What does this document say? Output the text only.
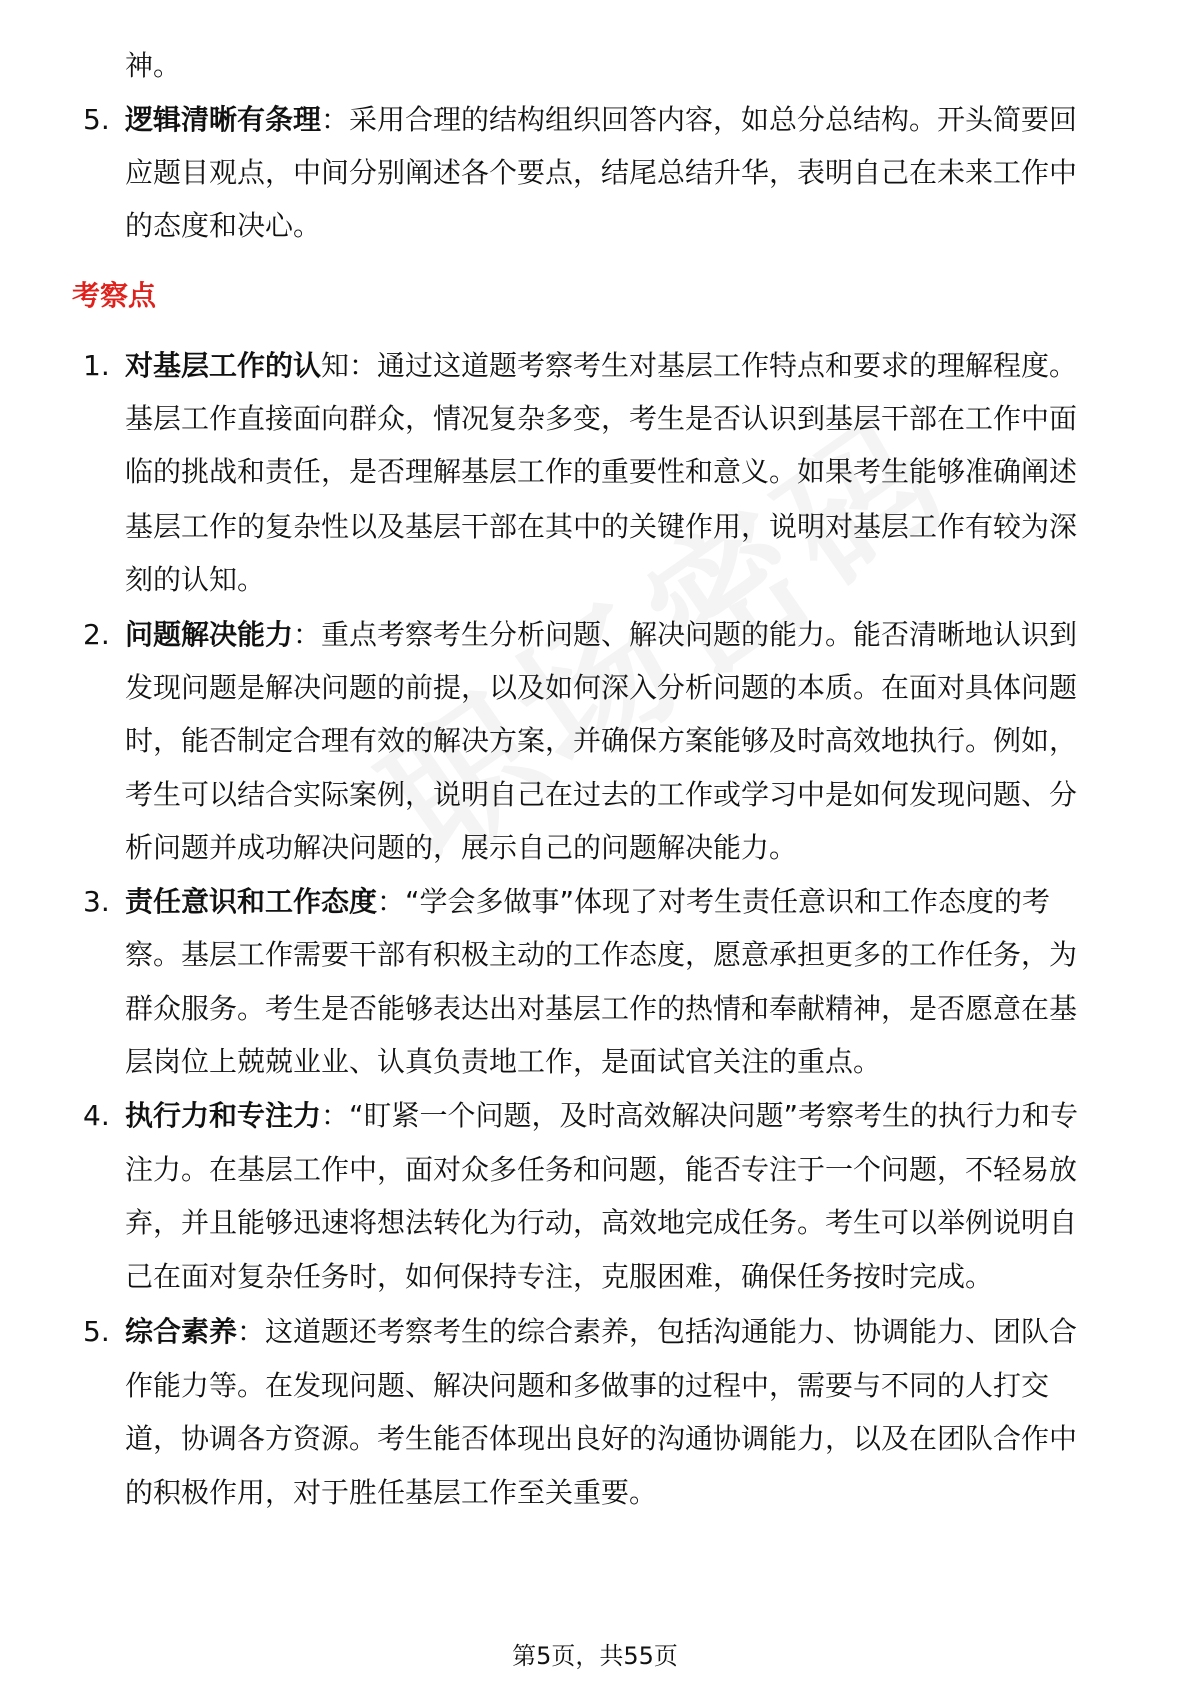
神。
5. 逻辑清晰有条理：采用合理的结构组织回答内容，如总分总结构。开头简要回
应题目观点，中间分别阐述各个要点，结尾总结升华，表明自己在未来工作中
的态度和决心。
考察点
1. 对基层工作的认知：通过这道题考察考生对基层工作特点和要求的理解程度。
基层工作直接面向群众，情况复杂多变，考生是否认识到基层干部在工作中面
临的挑战和责任，是否理解基层工作的重要性和意义。如果考生能够准确阐述
基层工作的复杂性以及基层干部在其中的关键作用，说明对基层工作有较为深
刻的认知。
2. 问题解决能力：重点考察考生分析问题、解决问题的能力。能否清晰地认识到
发现问题是解决问题的前提，以及如何深入分析问题的本质。在面对具体问题
时，能否制定合理有效的解决方案，并确保方案能够及时高效地执行。例如，
考生可以结合实际案例，说明自己在过去的工作或学习中是如何发现问题、分
析问题并成功解决问题的，展示自己的问题解决能力。
3. 责任意识和工作态度：“学会多做事”体现了对考生责任意识和工作态度的考
察。基层工作需要干部有积极主动的工作态度，愿意承担更多的工作任务，为
群众服务。考生是否能够表达出对基层工作的热情和奉献精神，是否愿意在基
层岗位上兢兢业业、认真负责地工作，是面试官关注的重点。
4. 执行力和专注力：“盯紧一个问题，及时高效解决问题”考察考生的执行力和专
注力。在基层工作中，面对众多任务和问题，能否专注于一个问题，不轻易放
弃，并且能够迅速将想法转化为行动，高效地完成任务。考生可以举例说明自
己在面对复杂任务时，如何保持专注，克服困难，确保任务按时完成。
5. 综合素养：这道题还考察考生的综合素养，包括沟通能力、协调能力、团队合
作能力等。在发现问题、解决问题和多做事的过程中，需要与不同的人打交
道，协调各方资源。考生能否体现出良好的沟通协调能力，以及在团队合作中
的积极作用，对于胜任基层工作至关重要。
第5页，共55页
